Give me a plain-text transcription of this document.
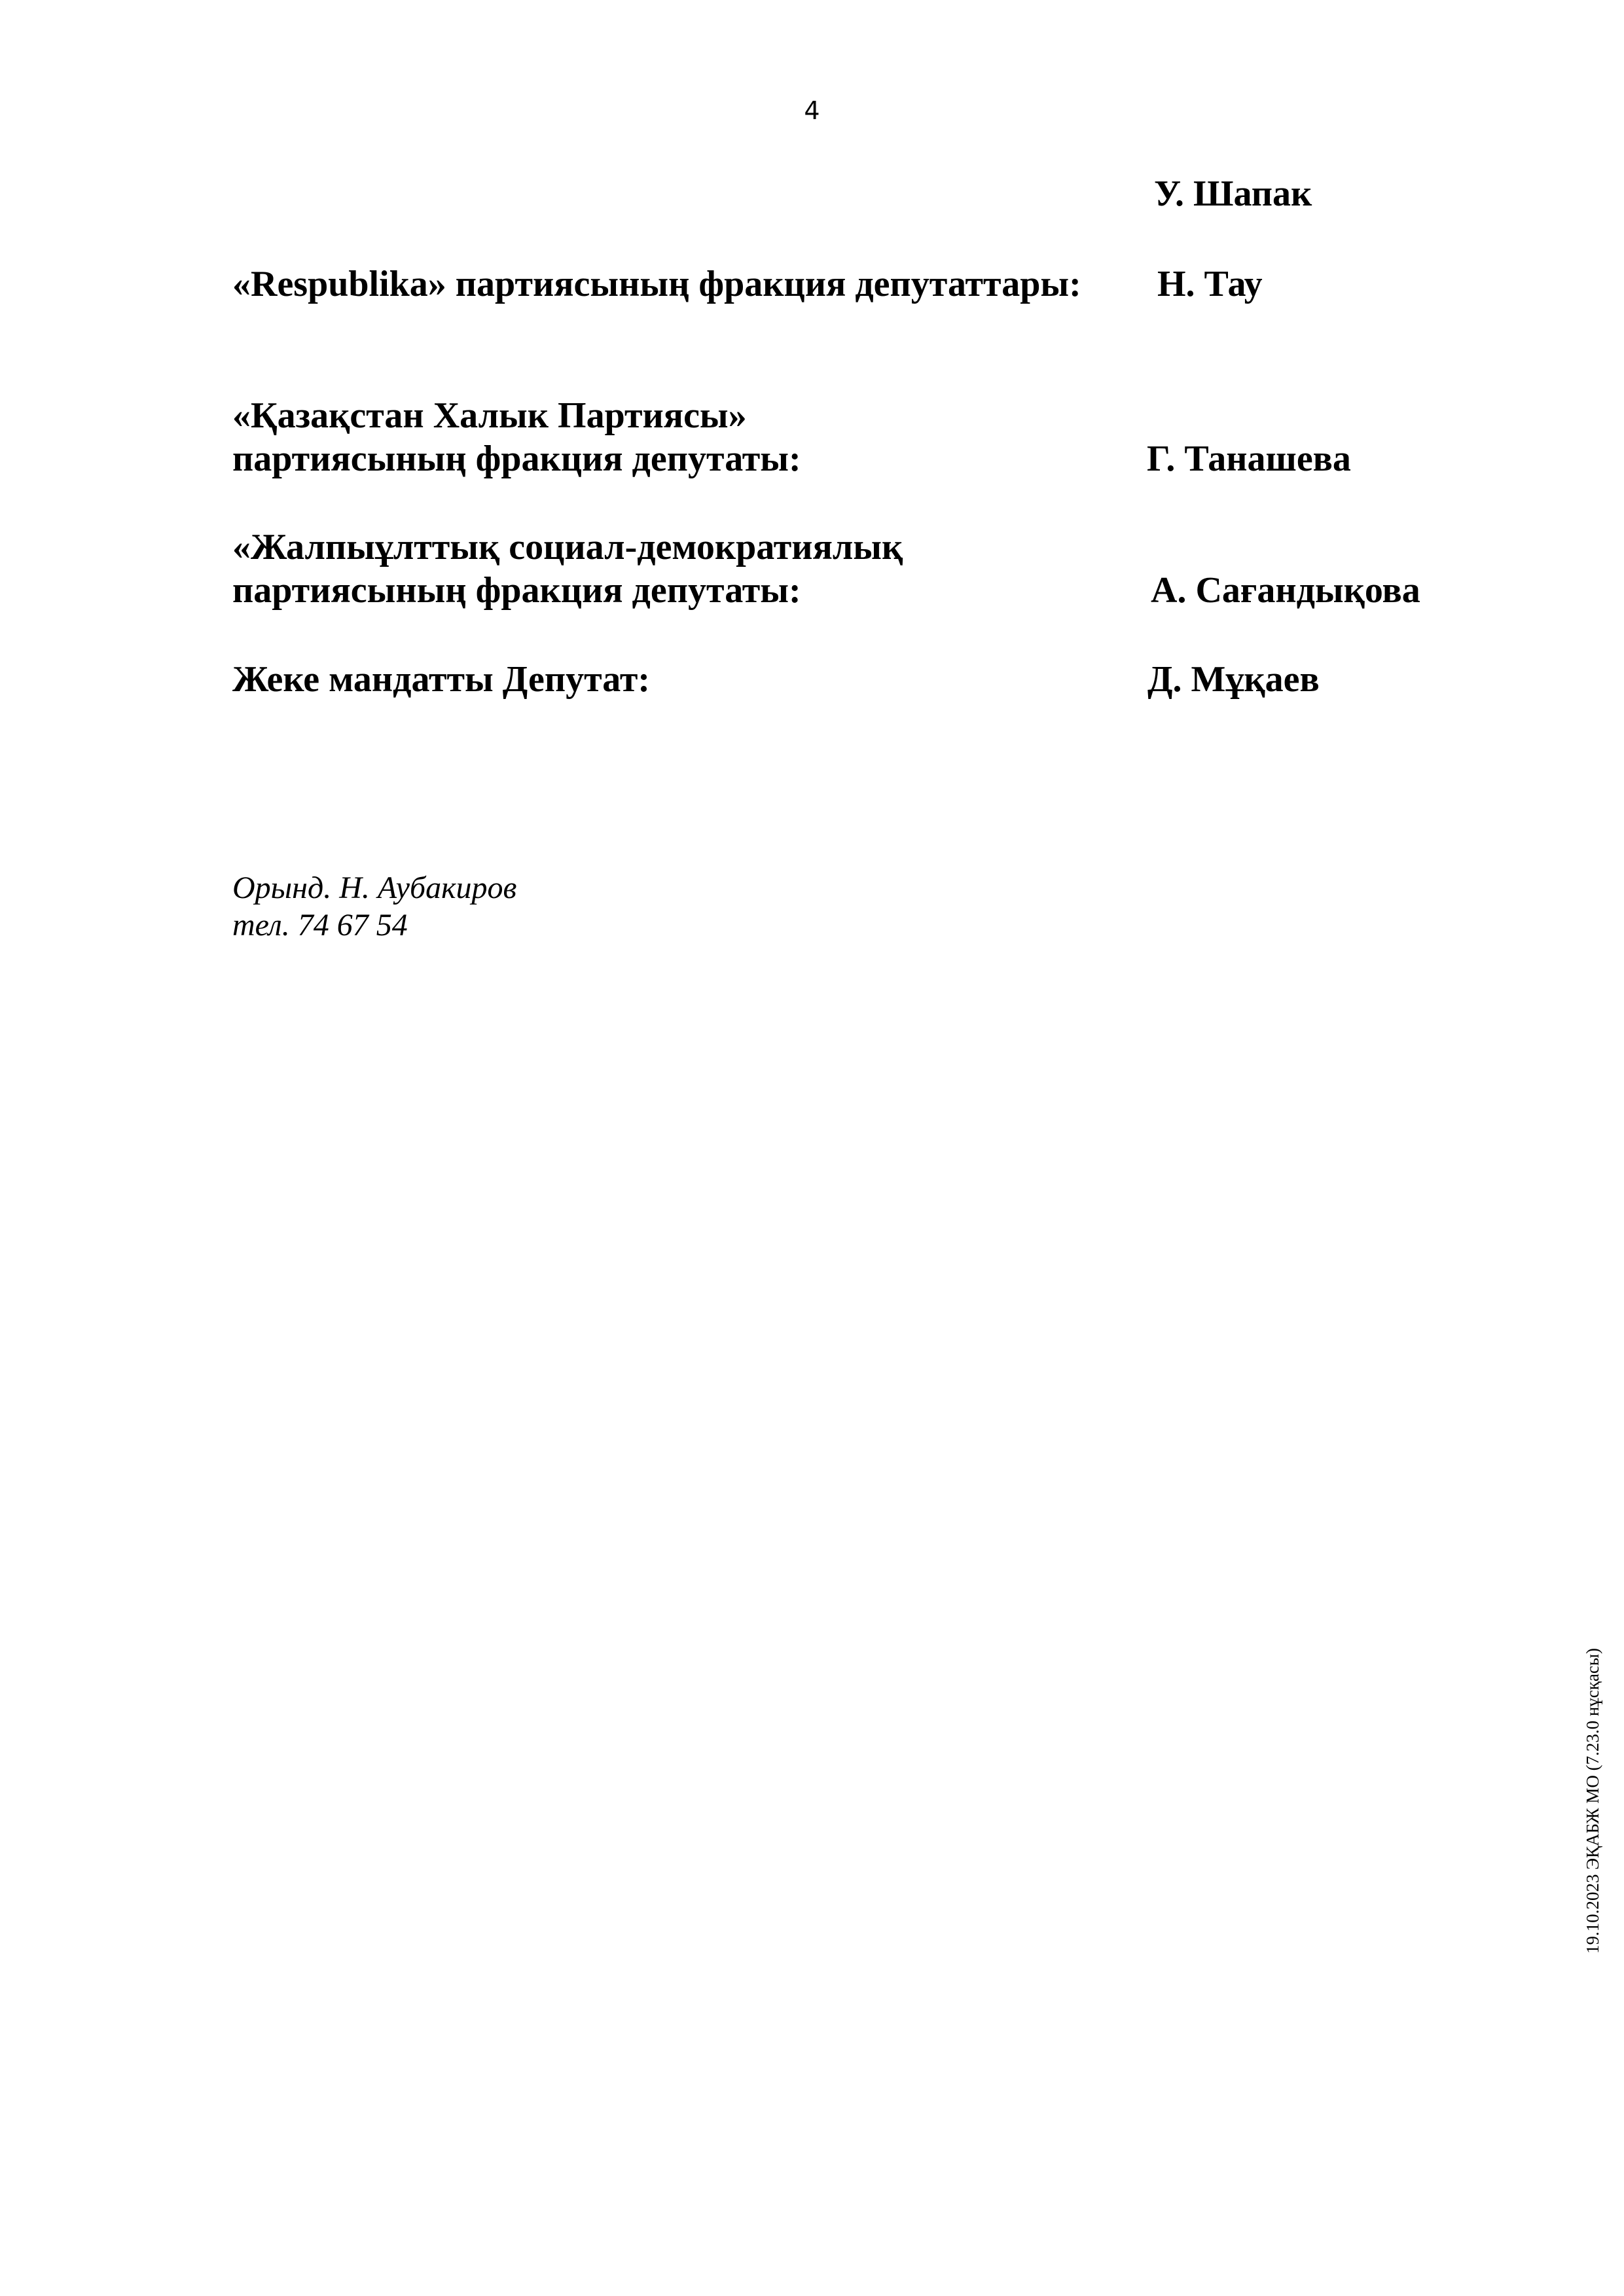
4
У. Шапак
«Respublika» партиясының фракция депутаттары: Н. Тау
«Қазақстан Халык Партиясы»
партиясының фракция депутаты:	Г. Танашева
«Жалпыұлттық социал-демократиялық
партиясының фракция депутаты:	А. Сағандықова
Жеке мандатты Депутат:	Д. Мұқаев
Орынд. Н. Аубакиров
тел. 74 67 54
19.10.2023 ЭҚАБЖ МО (7.23.0 нұсқасы)
